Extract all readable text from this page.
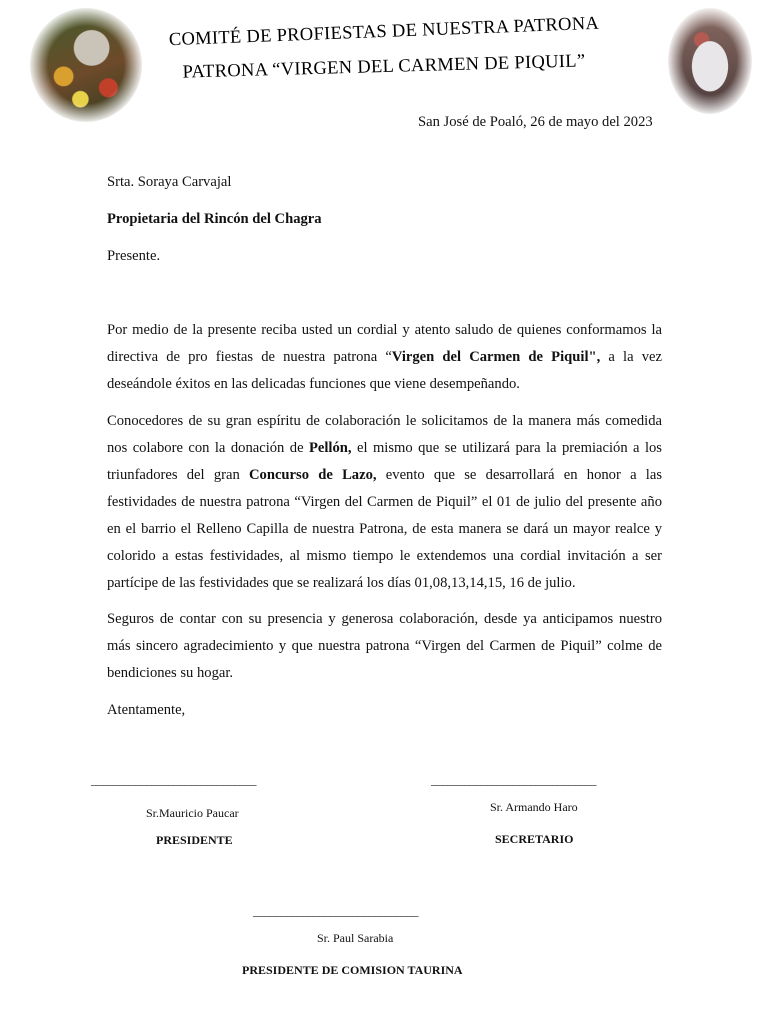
COMITÉ DE PROFIESTAS DE NUESTRA PATRONA
PATRONA “VIRGEN DEL CARMEN DE PIQUIL”
San José de Poaló, 26 de mayo del 2023
Srta. Soraya Carvajal
Propietaria del Rincón del Chagra
Presente.
Por medio de la presente reciba usted un cordial y atento saludo de quienes conformamos la directiva de pro fiestas de nuestra patrona “Virgen del Carmen de Piquil", a la vez deseándole éxitos en las delicadas funciones que viene desempeñando.
Conocedores de su gran espíritu de colaboración le solicitamos de la manera más comedida nos colabore con la donación de Pellón, el mismo que se utilizará para la premiación a los triunfadores del gran Concurso de Lazo, evento que se desarrollará en honor a las festividades de nuestra patrona “Virgen del Carmen de Piquil” el 01 de julio del presente año en el barrio el Relleno Capilla de nuestra Patrona, de esta manera se dará un mayor realce y colorido a estas festividades, al mismo tiempo le extendemos una cordial invitación a ser partícipe de las festividades que se realizará los días 01,08,13,14,15, 16 de julio.
Seguros de contar con su presencia y generosa colaboración, desde ya anticipamos nuestro más sincero agradecimiento y que nuestra patrona “Virgen del Carmen de Piquil” colme de bendiciones su hogar.
Atentamente,
______________________________	______________________________
Sr.Mauricio Paucar
PRESIDENTE
Sr. Armando Haro
SECRETARIO
______________________________
Sr. Paul Sarabia
PRESIDENTE DE COMISION TAURINA
